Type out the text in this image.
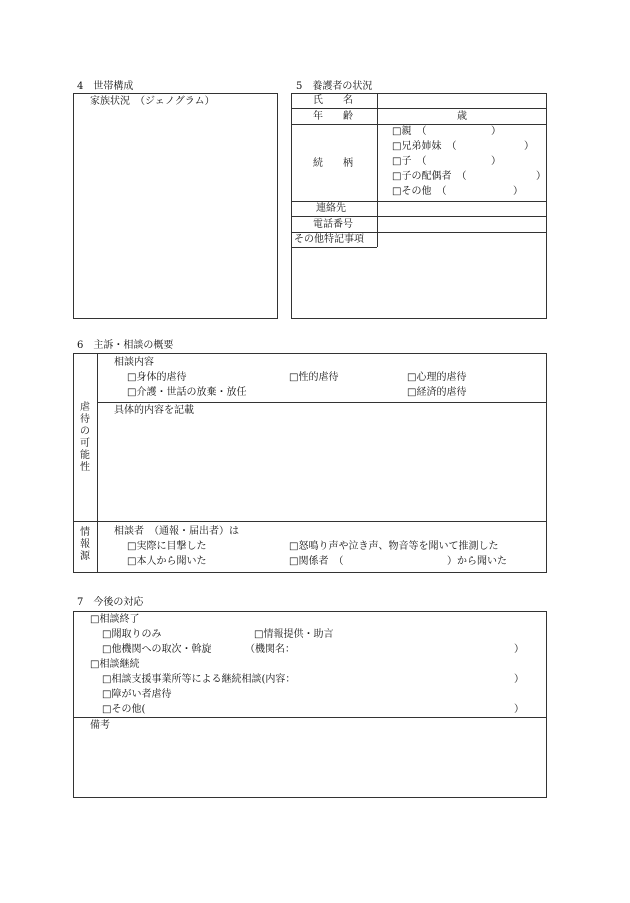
4　世帯構成
家族状況　（ジェノグラム）
5　養護者の状況
氏　　名
年　　齢	歳
続　　柄
□親　（	）
□兄弟姉妹　（	）
□子　（	）
□子の配偶者　（	）
□その他　（	）
連絡先
電話番号
その他特記事項
6　主訴・相談の概要
虐
待
の
可
能
性
相談内容
□身体的虐待	□性的虐待	□心理的虐待
□介護・世話の放棄・放任	□経済的虐待
具体的内容を記載
情
報
源
相談者　（通報・届出者）は
□実際に目撃した	□怒鳴り声や泣き声、物音等を聞いて推測した
□本人から聞いた	□関係者　（	）から聞いた
7　今後の対応
□相談終了
□聞取りのみ	□情報提供・助言
□他機関への取次・斡旋	（機関名：	）
□相談継続
□相談支援事業所等による継続相談(内容：	）
□障がい者虐待
□その他(	）
備考
